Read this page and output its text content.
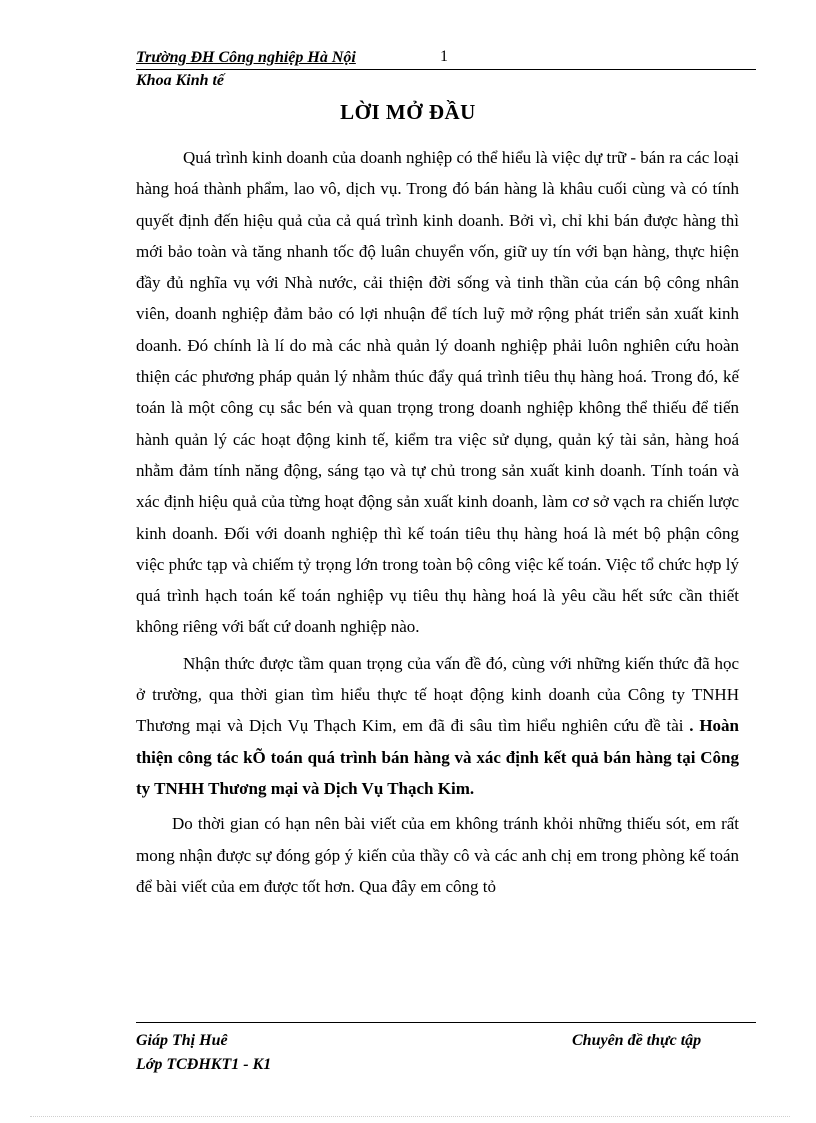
Trường ĐH Công nghiệp Hà Nội	1
Khoa Kinh tế
LỜI MỞ ĐẦU

Quá trình kinh doanh của doanh nghiệp có thể hiểu là việc dự trữ - bán ra các loại hàng hoá thành phẩm, lao vô, dịch vụ. Trong đó bán hàng là khâu cuối cùng và có tính quyết định đến hiệu quả của cả quá trình kinh doanh. Bởi vì, chỉ khi bán được hàng thì mới bảo toàn và tăng nhanh tốc độ luân chuyển vốn, giữ uy tín với bạn hàng, thực hiện đầy đủ nghĩa vụ với Nhà nước, cải thiện đời sống và tinh thần của cán bộ công nhân viên, doanh nghiệp đảm bảo có lợi nhuận để tích luỹ mở rộng phát triển sản xuất kinh doanh. Đó chính là lí do mà các nhà quản lý doanh nghiệp phải luôn nghiên cứu hoàn thiện các phương pháp quản lý nhằm thúc đẩy quá trình tiêu thụ hàng hoá. Trong đó, kế toán là một công cụ sắc bén và quan trọng trong doanh nghiệp không thể thiếu để tiến hành quản lý các hoạt động kinh tế, kiểm tra việc sử dụng, quản ký tài sản, hàng hoá nhằm đảm tính năng động, sáng tạo và tự chủ trong sản xuất kinh doanh. Tính toán và xác định hiệu quả của từng hoạt động sản xuất kinh doanh, làm cơ sở vạch ra chiến lược kinh doanh. Đối với doanh nghiệp thì kế toán tiêu thụ hàng hoá là mét bộ phận công việc phức tạp và chiếm tỷ trọng lớn trong toàn bộ công việc kế toán. Việc tổ chức hợp lý quá trình hạch toán kế toán nghiệp vụ tiêu thụ hàng hoá là yêu cầu hết sức cần thiết không riêng với bất cứ doanh nghiệp nào.

Nhận thức được tầm quan trọng của vấn đề đó, cùng với những kiến thức đã học ở trường, qua thời gian tìm hiểu thực tế hoạt động kinh doanh của Công ty TNHH Thương mại và Dịch Vụ Thạch Kim, em đã đi sâu tìm hiểu nghiên cứu đề tài . Hoàn thiện công tác kÕ toán quá trình bán hàng và xác định kết quả bán hàng tại Công ty TNHH Thương mại và Dịch Vụ Thạch Kim.

Do thời gian có hạn nên bài viết của em không tránh khỏi những thiếu sót, em rất mong nhận được sự đóng góp ý kiến của thầy cô và các anh chị em trong phòng kế toán để bài viết của em được tốt hơn. Qua đây em công tỏ

Giáp Thị Huê	Chuyên đề thực tập
Lớp TCĐHKT1 - K1
